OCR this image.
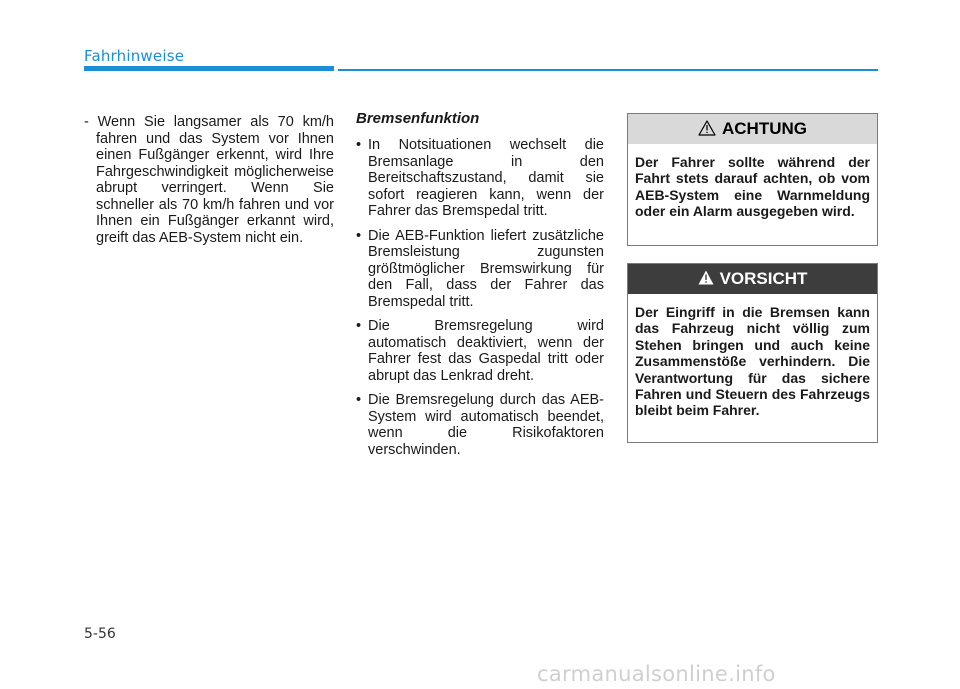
Fahrhinweise

- Wenn Sie langsamer als 70 km/h fahren und das System vor Ihnen einen Fußgänger erkennt, wird Ihre Fahrgeschwindigkeit möglicherweise abrupt verringert. Wenn Sie schneller als 70 km/h fahren und vor Ihnen ein Fußgänger erkannt wird, greift das AEB-System nicht ein.

Bremsenfunktion

• In Notsituationen wechselt die Bremsanlage in den Bereitschaftszustand, damit sie sofort reagieren kann, wenn der Fahrer das Bremspedal tritt.
• Die AEB-Funktion liefert zusätzliche Bremsleistung zugunsten größtmöglicher Bremswirkung für den Fall, dass der Fahrer das Bremspedal tritt.
• Die Bremsregelung wird automatisch deaktiviert, wenn der Fahrer fest das Gaspedal tritt oder abrupt das Lenkrad dreht.
• Die Bremsregelung durch das AEB-System wird automatisch beendet, wenn die Risikofaktoren verschwinden.
ACHTUNG
Der Fahrer sollte während der Fahrt stets darauf achten, ob vom AEB-System eine Warnmeldung oder ein Alarm ausgegeben wird.
VORSICHT
Der Eingriff in die Bremsen kann das Fahrzeug nicht völlig zum Stehen bringen und auch keine Zusammenstöße verhindern. Die Verantwortung für das sichere Fahren und Steuern des Fahrzeugs bleibt beim Fahrer.
5-56
carmanualsonline.info
